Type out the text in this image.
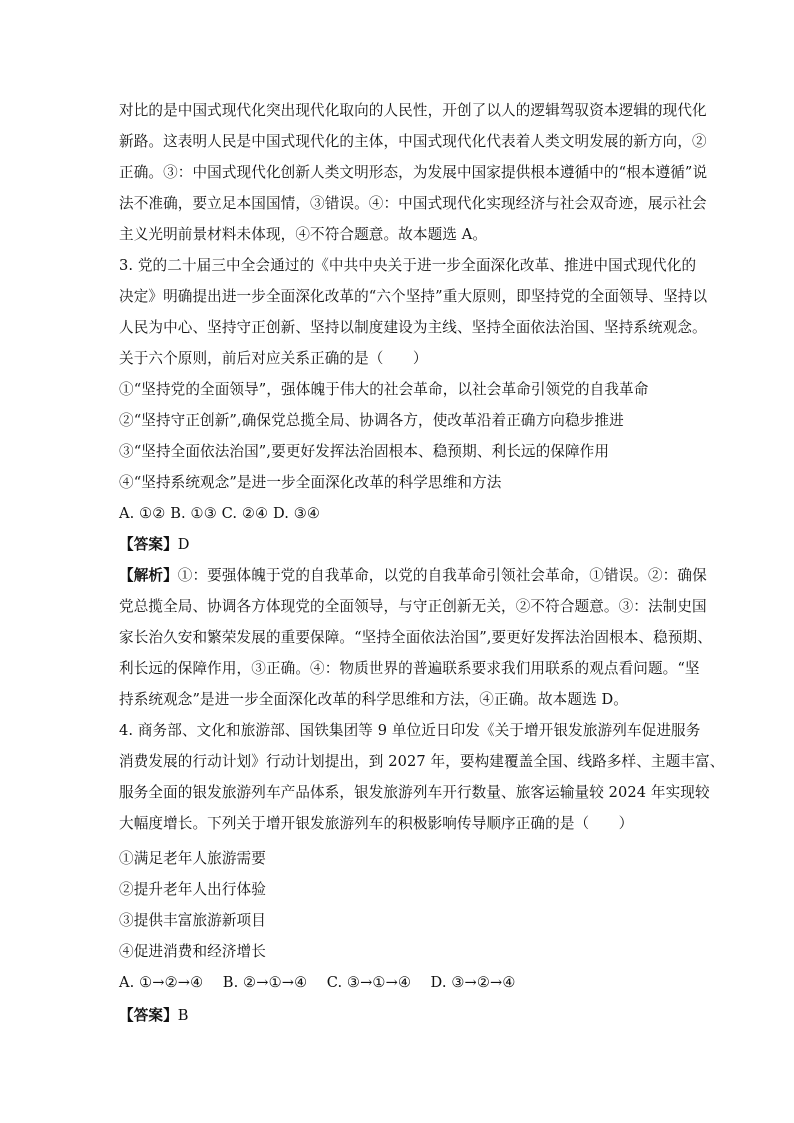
对比的是中国式现代化突出现代化取向的人民性，开创了以人的逻辑驾驭资本逻辑的现代化
新路。这表明人民是中国式现代化的主体，中国式现代化代表着人类文明发展的新方向，②
正确。③：中国式现代化创新人类文明形态，为发展中国家提供根本遵循中的“根本遵循”说
法不准确，要立足本国国情，③错误。④：中国式现代化实现经济与社会双奇迹，展示社会
主义光明前景材料未体现，④不符合题意。故本题选 A。
3. 党的二十届三中全会通过的《中共中央关于进一步全面深化改革、推进中国式现代化的
决定》明确提出进一步全面深化改革的“六个坚持”重大原则，即坚持党的全面领导、坚持以
人民为中心、坚持守正创新、坚持以制度建设为主线、坚持全面依法治国、坚持系统观念。
关于六个原则，前后对应关系正确的是（　　）
①“坚持党的全面领导”，强体魄于伟大的社会革命，以社会革命引领党的自我革命
②“坚持守正创新”,确保党总揽全局、协调各方，使改革沿着正确方向稳步推进
③“坚持全面依法治国”,要更好发挥法治固根本、稳预期、利长远的保障作用
④“坚持系统观念”是进一步全面深化改革的科学思维和方法
A. ①② B. ①③ C. ②④ D. ③④
【答案】D
【解析】①：要强体魄于党的自我革命，以党的自我革命引领社会革命，①错误。②：确保
党总揽全局、协调各方体现党的全面领导，与守正创新无关，②不符合题意。③：法制史国
家长治久安和繁荣发展的重要保障。“坚持全面依法治国”,要更好发挥法治固根本、稳预期、
利长远的保障作用，③正确。④：物质世界的普遍联系要求我们用联系的观点看问题。“坚
持系统观念”是进一步全面深化改革的科学思维和方法，④正确。故本题选 D。
4. 商务部、文化和旅游部、国铁集团等 9 单位近日印发《关于增开银发旅游列车促进服务
消费发展的行动计划》行动计划提出，到 2027 年，要构建覆盖全国、线路多样、主题丰富、
服务全面的银发旅游列车产品体系，银发旅游列车开行数量、旅客运输量较 2024 年实现较
大幅度增长。下列关于增开银发旅游列车的积极影响传导顺序正确的是（　　）
①满足老年人旅游需要
②提升老年人出行体验
③提供丰富旅游新项目
④促进消费和经济增长
A. ①→②→④　 B. ②→①→④　 C. ③→①→④　 D. ③→②→④
【答案】B
